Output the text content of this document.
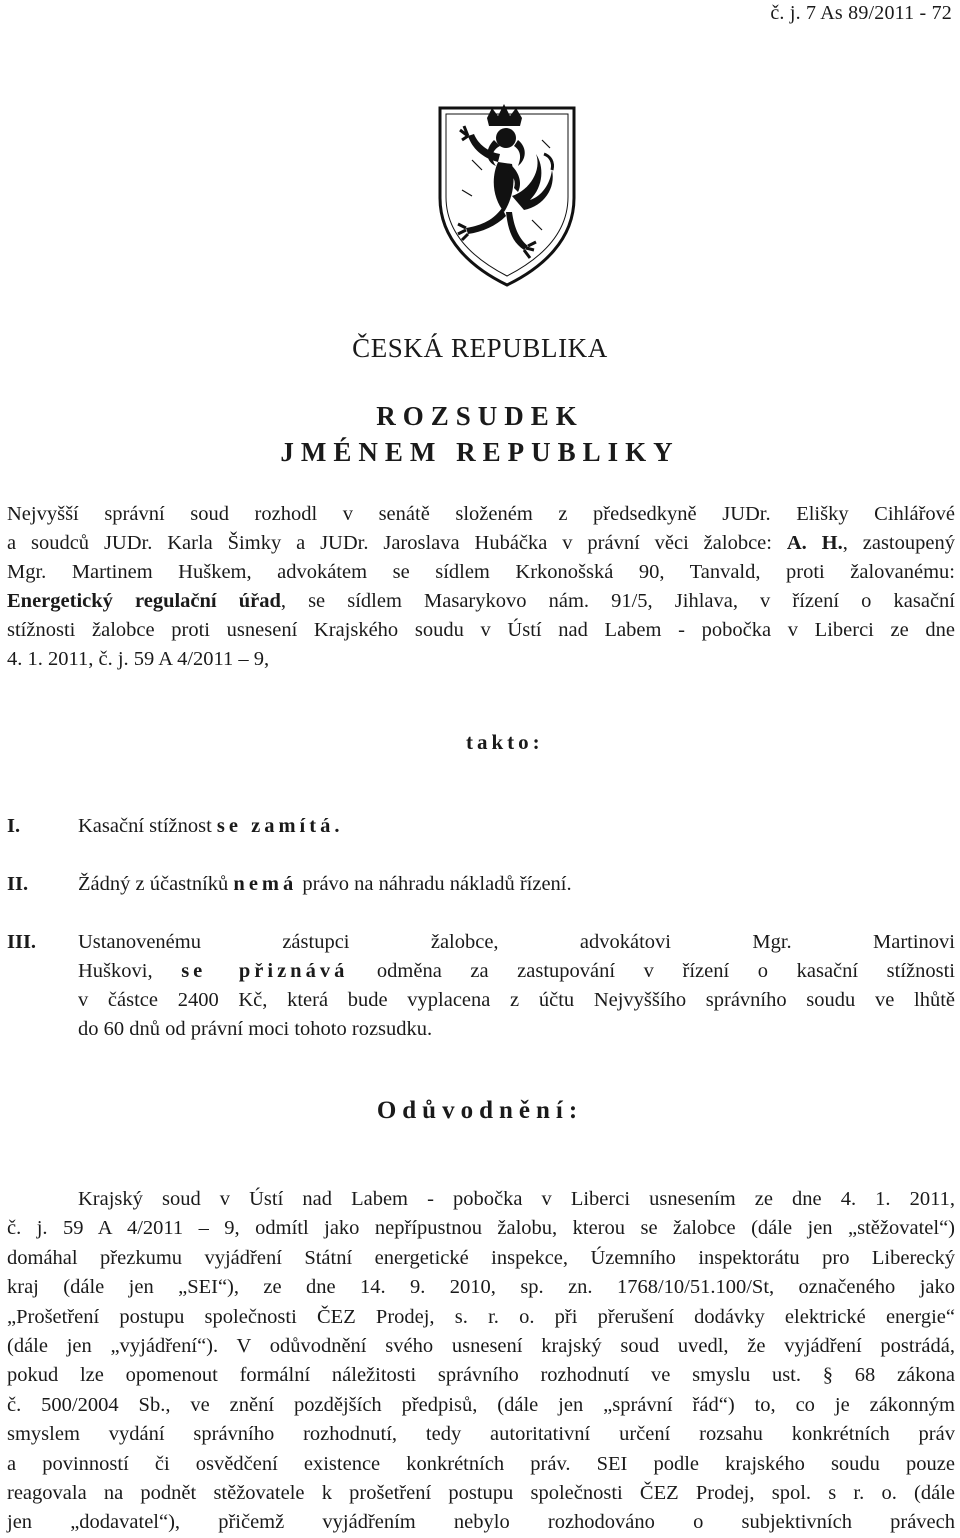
č. j. 7 As 89/2011 - 72
ČESKÁ REPUBLIKA
ROZSUDEK
JMÉNEM REPUBLIKY
Nejvyšší správní soud rozhodl v senátě složeném z předsedkyně JUDr. Elišky Cihlářové
a soudců JUDr. Karla Šimky a JUDr. Jaroslava Hubáčka v právní věci žalobce: A. H., zastoupený
Mgr. Martinem Huškem, advokátem se sídlem Krkonošská 90, Tanvald, proti žalovanému:
Energetický regulační úřad, se sídlem Masarykovo nám. 91/5, Jihlava, v řízení o kasační
stížnosti žalobce proti usnesení Krajského soudu v Ústí nad Labem - pobočka v Liberci ze dne
4. 1. 2011, č. j. 59 A 4/2011 – 9,
takto:
I.	Kasační stížnost se zamítá.
II. Žádný z účastníků nemá právo na náhradu nákladů řízení.
III. Ustanovenému zástupci žalobce, advokátovi Mgr. Martinovi
Huškovi, se přiznává odměna za zastupování v řízení o kasační stížnosti
v částce 2400 Kč, která bude vyplacena z účtu Nejvyššího správního soudu ve lhůtě
do 60 dnů od právní moci tohoto rozsudku.
Odůvodnění:
Krajský soud v Ústí nad Labem - pobočka v Liberci usnesením ze dne 4. 1. 2011,
č. j. 59 A 4/2011 – 9, odmítl jako nepřípustnou žalobu, kterou se žalobce (dále jen „stěžovatel“)
domáhal přezkumu vyjádření Státní energetické inspekce, Územního inspektorátu pro Liberecký
kraj (dále jen „SEI“), ze dne 14. 9. 2010, sp. zn. 1768/10/51.100/St, označeného jako
„Prošetření postupu společnosti ČEZ Prodej, s. r. o. při přerušení dodávky elektrické energie“
(dále jen „vyjádření“). V odůvodnění svého usnesení krajský soud uvedl, že vyjádření postrádá,
pokud lze opomenout formální náležitosti správního rozhodnutí ve smyslu ust. § 68 zákona
č. 500/2004 Sb., ve znění pozdějších předpisů, (dále jen „správní řád“) to, co je zákonným
smyslem vydání správního rozhodnutí, tedy autoritativní určení rozsahu konkrétních práv
a povinností či osvědčení existence konkrétních práv. SEI podle krajského soudu pouze
reagovala na podnět stěžovatele k prošetření postupu společnosti ČEZ Prodej, spol. s r. o. (dále
jen „dodavatel“), přičemž vyjádřením nebylo rozhodováno o subjektivních právech
